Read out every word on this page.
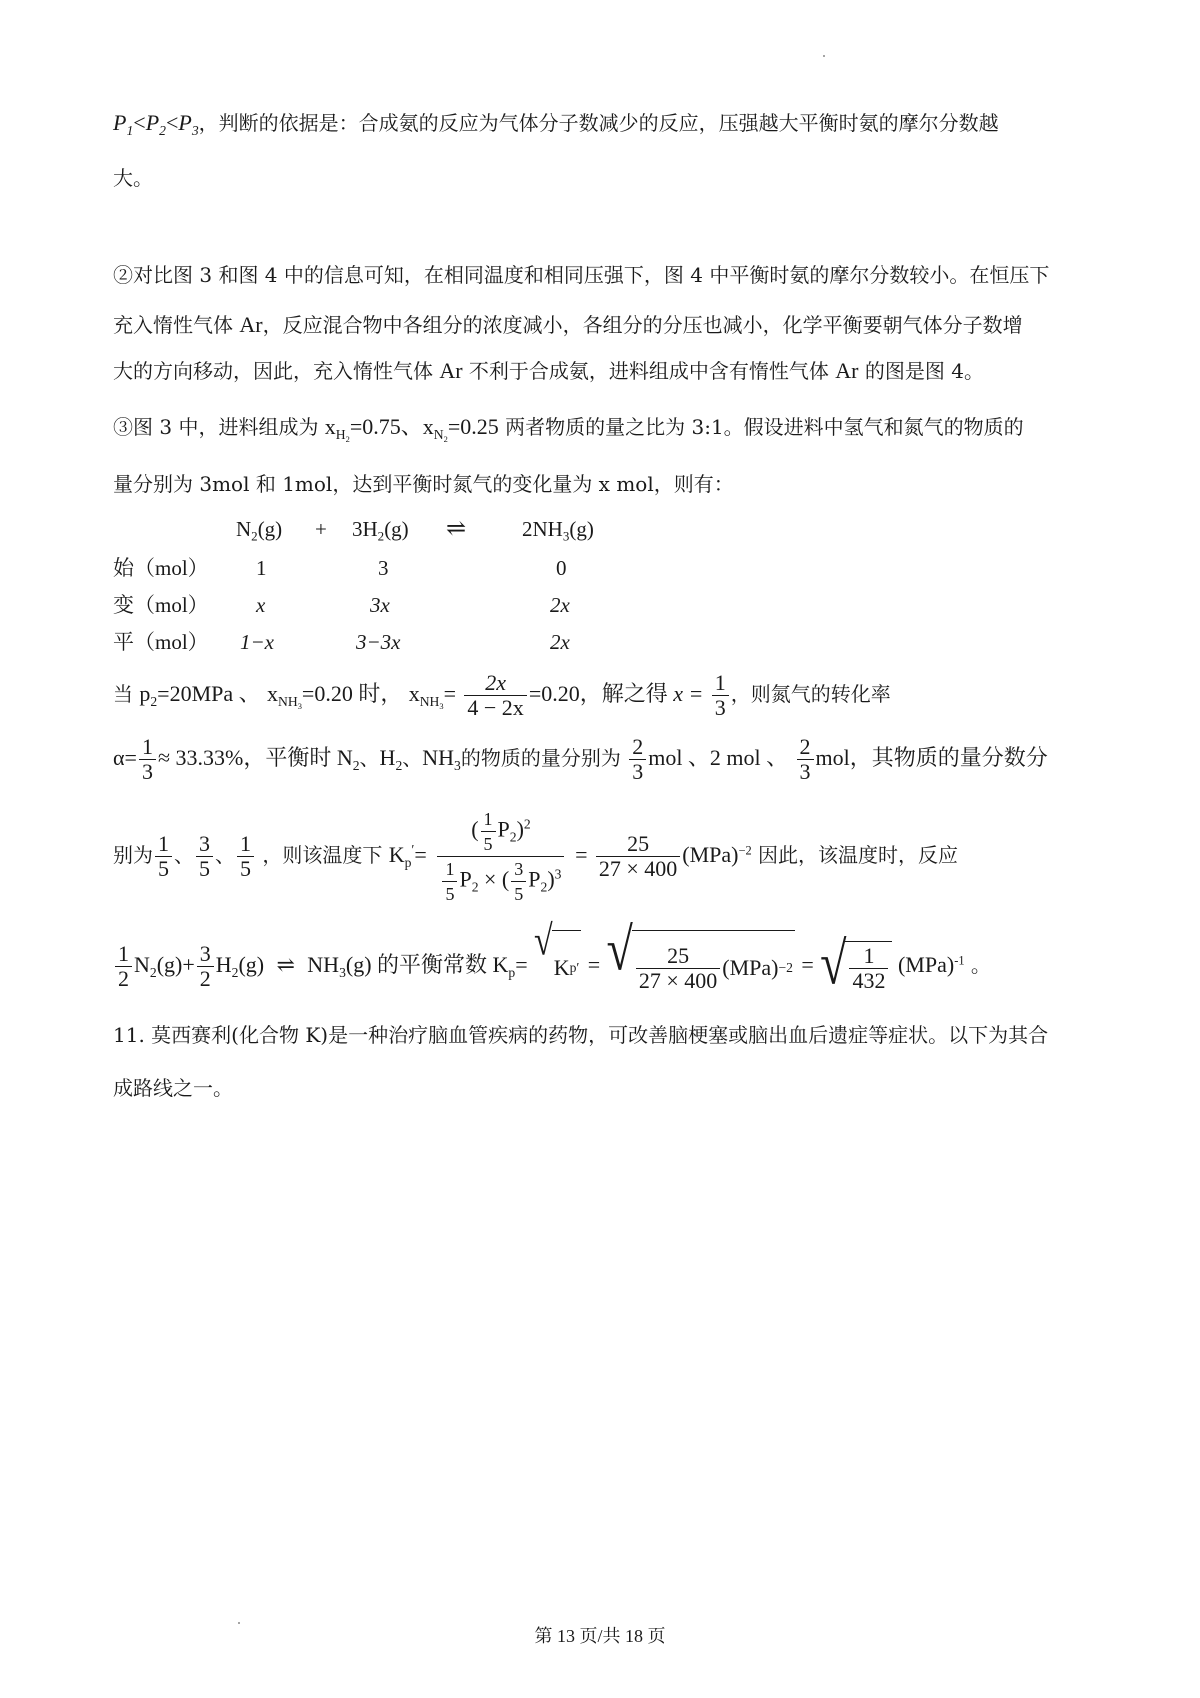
$P_1<P_2<P_3$，判断的依据是：合成氨的反应为气体分子数减少的反应，压强越大平衡时氨的摩尔分数越
大。
②对比图 3 和图 4 中的信息可知，在相同温度和相同压强下，图 4 中平衡时氨的摩尔分数较小。在恒压下
充入惰性气体 Ar，反应混合物中各组分的浓度减小，各组分的分压也减小，化学平衡要朝气体分子数增
大的方向移动，因此，充入惰性气体 Ar 不利于合成氨，进料组成中含有惰性气体 Ar 的图是图 4。
③图 3 中，进料组成为 $x_{H_2}=0.75$、$x_{N_2}=0.25$ 两者物质的量之比为 3:1。假设进料中氢气和氮气的物质的
量分别为 3mol 和 1mol，达到平衡时氮气的变化量为 x mol，则有：
$N_2(g) + 3H_2(g)$ ⇌	$2NH_3(g)$
始（mol） 1	3	0
变（mol） x	3x	2x
平（mol） 1−x	3−3x	2x
当 $p_2=20MPa$ 、 $x_{NH_3}=0.20$ 时， $x_{NH_3}= \frac{2x}{4 - 2x} =0.20$，解之得 $x = \frac{1}{3}$ ，则氮气的转化率
$\alpha= \frac{1}{3} \approx 33.33\%$，平衡时 $N_2$、$H_2$、$NH_3$的物质的量分别为 $\frac{2}{3}$ mol 、2 mol 、 $\frac{2}{3}$ mol，其物质的量分数分
别为 $\frac{1}{5}$ 、 $\frac{3}{5}$ 、 $\frac{1}{5}$ ，则该温度下 $K_p'= \frac{( \frac{1}{5} P_2)^2}{\frac{1}{5} P_2 \times ( \frac{3}{5} P_2)^3} = \frac{25}{27 \times 400} (MPa)^{-2}$ 因此，该温度时，反应
$\frac{1}{2} N_2(g)+ \frac{3}{2} H_2(g)$ ⇌ $NH_3(g)$ 的平衡常数 $K_p=$ √
K p ′ = √ $\frac{25}{27 \times 400} (MPa) -2$ = √ $\frac{1}{432} (MPa)^{-1}$ 。
11. 莫西赛利(化合物 K)是一种治疗脑血管疾病的药物，可改善脑梗塞或脑出血后遗症等症状。以下为其合
成路线之一。
第 13 页/共 18 页
